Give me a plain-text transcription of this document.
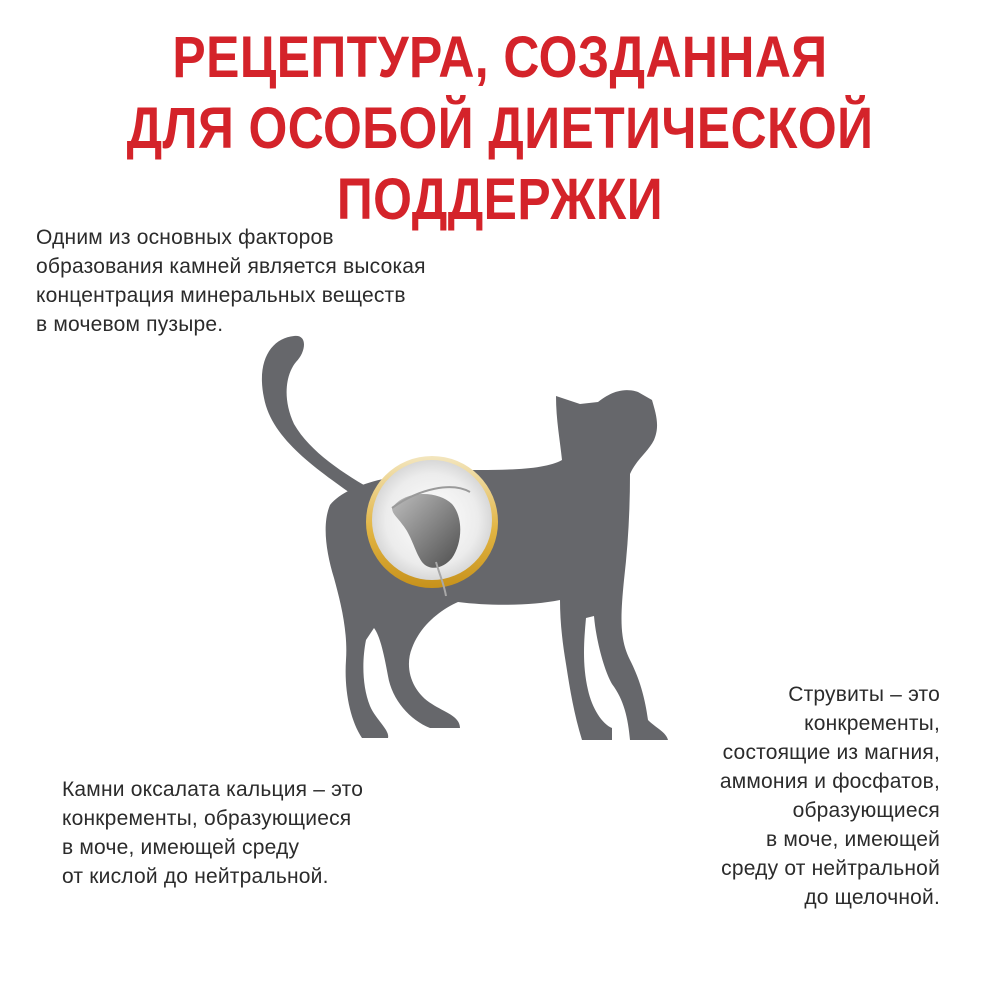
РЕЦЕПТУРА, СОЗДАННАЯ
ДЛЯ ОСОБОЙ ДИЕТИЧЕСКОЙ
ПОДДЕРЖКИ
Одним из основных факторов
образования камней является высокая
концентрация минеральных веществ
в мочевом пузыре.
Камни оксалата кальция – это
конкременты, образующиеся
в моче, имеющей среду
от кислой до нейтральной.
Струвиты – это
конкременты,
состоящие из магния,
аммония и фосфатов,
образующиеся
в моче, имеющей
среду от нейтральной
до щелочной.
